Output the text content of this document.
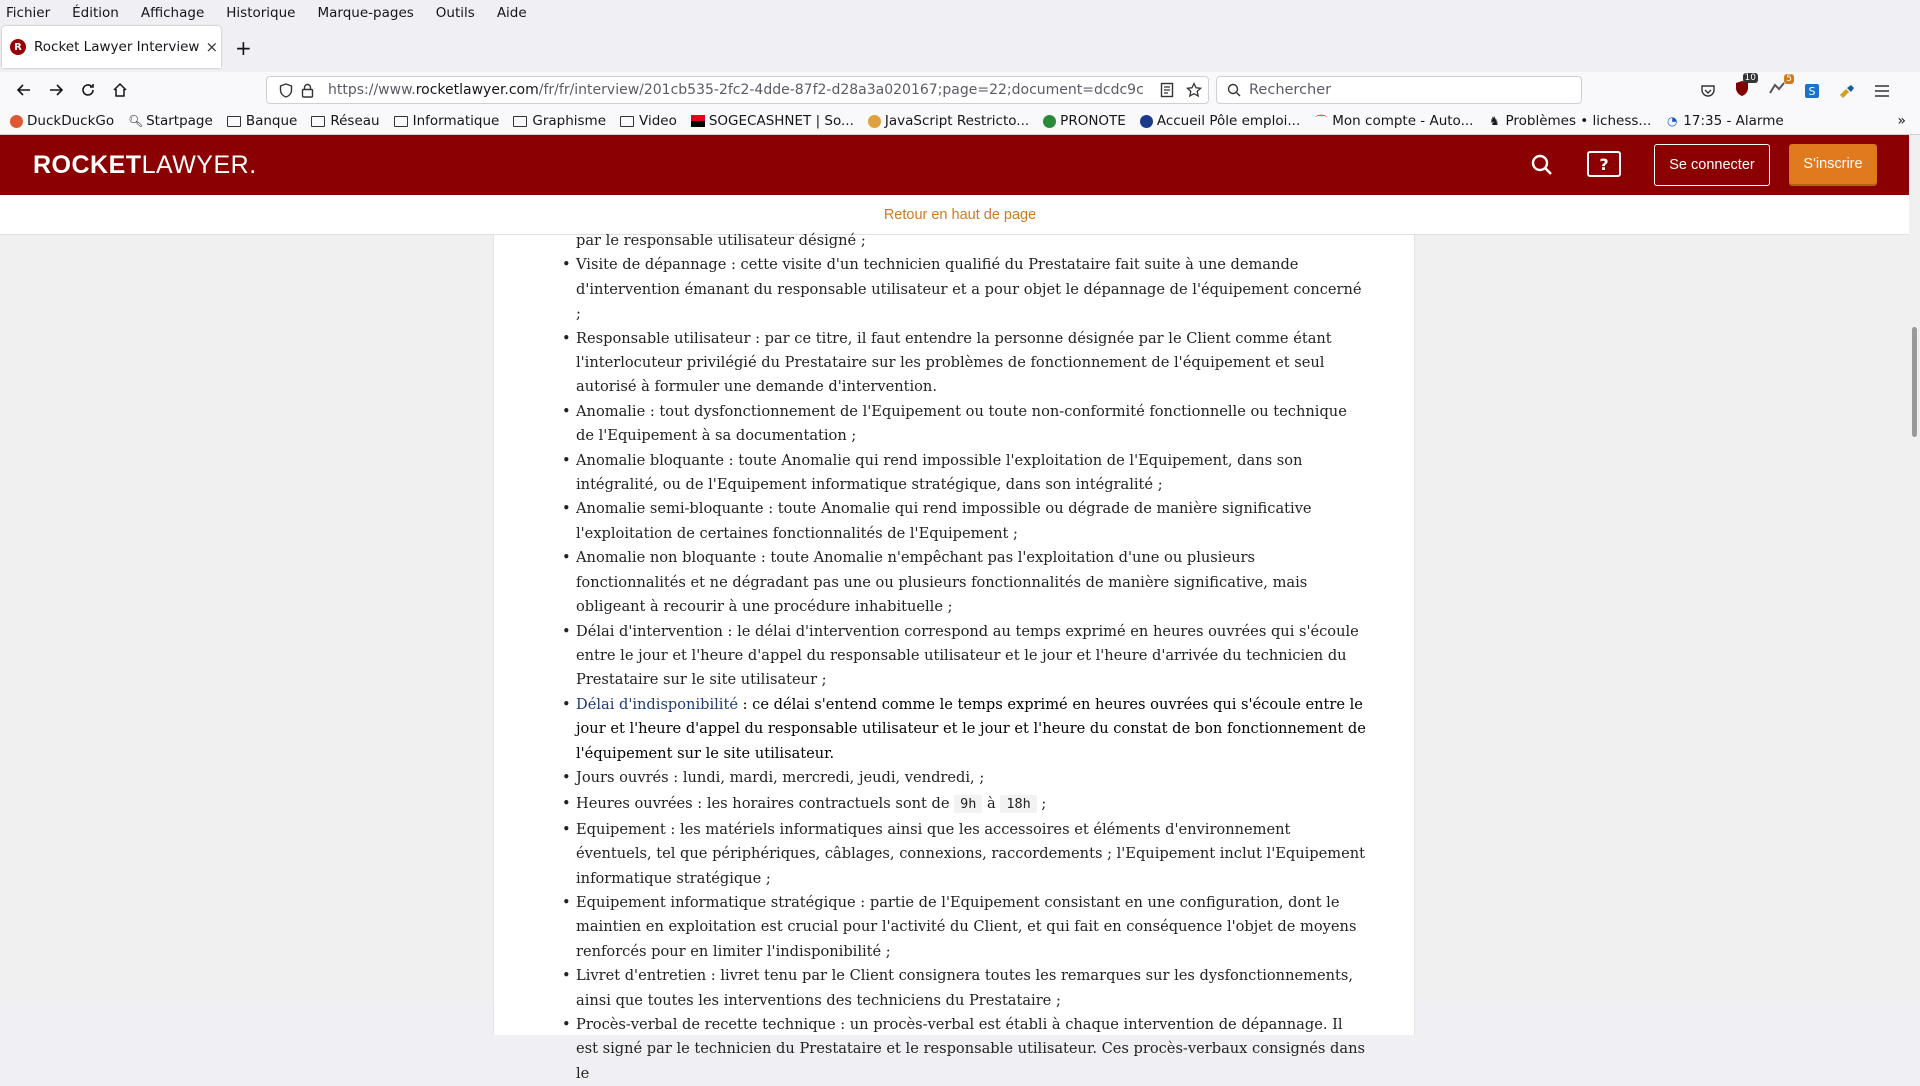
Fichier Édition Affichage Historique Marque-pages Outils Aide
R Rocket Lawyer Interview × +
https://www.rocketlawyer.com/fr/fr/interview/201cb535-2fc2-4dde-87f2-d28a3a020167;page=22;document=dcdc9c	Rechercher
10	5
S
DuckDuckGo 🔍︎ Startpage Banque Réseau Informatique Graphisme Video SOGECASHNET | So... JavaScript Restricto... PRONOTE Accueil Pôle emploi... ⌒ Mon compte - Auto... ♞ Problèmes • lichess... ◔ 17:35 - Alarme	»
ROCKETLAWYER.	?	Se connecter	S'inscrire
Retour en haut de page
par le responsable utilisateur désigné ;
• Visite de dépannage : cette visite d'un technicien qualifié du Prestataire fait suite à une demande d'intervention émanant du responsable utilisateur et a pour objet le dépannage de l'équipement concerné ;
• Responsable utilisateur : par ce titre, il faut entendre la personne désignée par le Client comme étant l'interlocuteur privilégié du Prestataire sur les problèmes de fonctionnement de l'équipement et seul autorisé à formuler une demande d'intervention.
• Anomalie : tout dysfonctionnement de l'Equipement ou toute non-conformité fonctionnelle ou technique de l'Equipement à sa documentation ;
• Anomalie bloquante : toute Anomalie qui rend impossible l'exploitation de l'Equipement, dans son intégralité, ou de l'Equipement informatique stratégique, dans son intégralité ;
• Anomalie semi-bloquante : toute Anomalie qui rend impossible ou dégrade de manière significative l'exploitation de certaines fonctionnalités de l'Equipement ;
• Anomalie non bloquante : toute Anomalie n'empêchant pas l'exploitation d'une ou plusieurs fonctionnalités et ne dégradant pas une ou plusieurs fonctionnalités de manière significative, mais obligeant à recourir à une procédure inhabituelle ;
• Délai d'intervention : le délai d'intervention correspond au temps exprimé en heures ouvrées qui s'écoule entre le jour et l'heure d'appel du responsable utilisateur et le jour et l'heure d'arrivée du technicien du Prestataire sur le site utilisateur ;
• Délai d'indisponibilité : ce délai s'entend comme le temps exprimé en heures ouvrées qui s'écoule entre le jour et l'heure d'appel du responsable utilisateur et le jour et l'heure du constat de bon fonctionnement de l'équipement sur le site utilisateur.
• Jours ouvrés : lundi, mardi, mercredi, jeudi, vendredi, ;
• Heures ouvrées : les horaires contractuels sont de 9h à 18h ;
• Equipement : les matériels informatiques ainsi que les accessoires et éléments d'environnement éventuels, tel que périphériques, câblages, connexions, raccordements ; l'Equipement inclut l'Equipement informatique stratégique ;
• Equipement informatique stratégique : partie de l'Equipement consistant en une configuration, dont le maintien en exploitation est crucial pour l'activité du Client, et qui fait en conséquence l'objet de moyens renforcés pour en limiter l'indisponibilité ;
• Livret d'entretien : livret tenu par le Client consignera toutes les remarques sur les dysfonctionnements, ainsi que toutes les interventions des techniciens du Prestataire ;
• Procès-verbal de recette technique : un procès-verbal est établi à chaque intervention de dépannage. Il est signé par le technicien du Prestataire et le responsable utilisateur. Ces procès-verbaux consignés dans le
